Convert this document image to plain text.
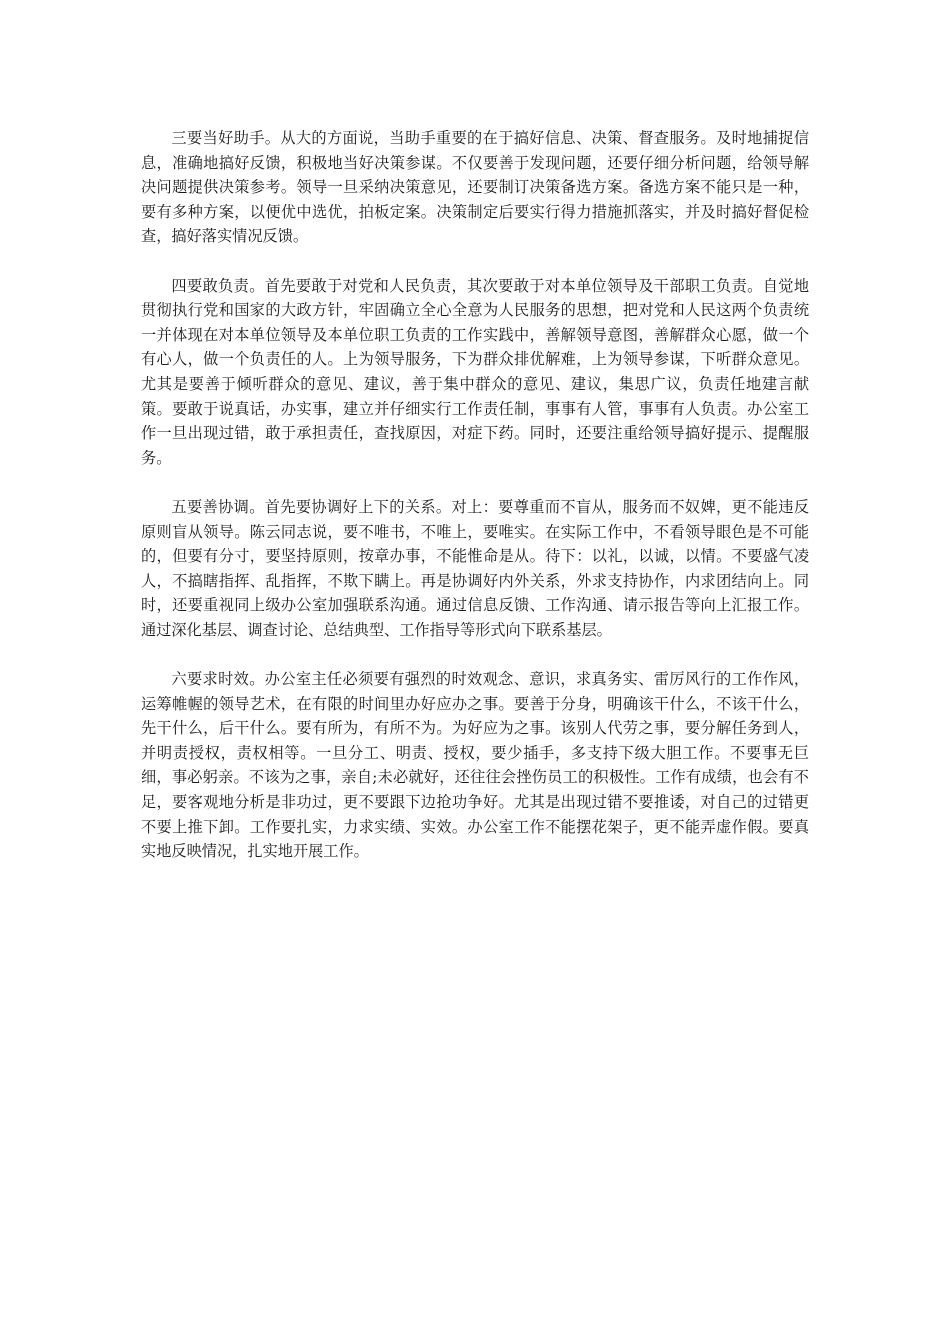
三要当好助手。从大的方面说，当助手重要的在于搞好信息、决策、督查服务。及时地捕捉信息，准确地搞好反馈，积极地当好决策参谋。不仅要善于发现问题，还要仔细分析问题，给领导解决问题提供决策参考。领导一旦采纳决策意见，还要制订决策备选方案。备选方案不能只是一种，要有多种方案，以便优中选优，拍板定案。决策制定后要实行得力措施抓落实，并及时搞好督促检查，搞好落实情况反馈。

四要敢负责。首先要敢于对党和人民负责，其次要敢于对本单位领导及干部职工负责。自觉地贯彻执行党和国家的大政方针，牢固确立全心全意为人民服务的思想，把对党和人民这两个负责统一并体现在对本单位领导及本单位职工负责的工作实践中，善解领导意图，善解群众心愿，做一个有心人，做一个负责任的人。上为领导服务，下为群众排优解难，上为领导参谋，下听群众意见。尤其是要善于倾听群众的意见、建议，善于集中群众的意见、建议，集思广议，负责任地建言献策。要敢于说真话，办实事，建立并仔细实行工作责任制，事事有人管，事事有人负责。办公室工作一旦出现过错，敢于承担责任，查找原因，对症下药。同时，还要注重给领导搞好提示、提醒服务。

五要善协调。首先要协调好上下的关系。对上：要尊重而不盲从，服务而不奴婢，更不能违反原则盲从领导。陈云同志说，要不唯书，不唯上，要唯实。在实际工作中，不看领导眼色是不可能的，但要有分寸，要坚持原则，按章办事，不能惟命是从。待下：以礼，以诚，以情。不要盛气凌人，不搞瞎指挥、乱指挥，不欺下瞒上。再是协调好内外关系，外求支持协作，内求团结向上。同时，还要重视同上级办公室加强联系沟通。通过信息反馈、工作沟通、请示报告等向上汇报工作。通过深化基层、调查讨论、总结典型、工作指导等形式向下联系基层。

六要求时效。办公室主任必须要有强烈的时效观念、意识，求真务实、雷厉风行的工作作风，运筹帷幄的领导艺术，在有限的时间里办好应办之事。要善于分身，明确该干什么，不该干什么，先干什么，后干什么。要有所为，有所不为。为好应为之事。该别人代劳之事，要分解任务到人，并明责授权，责权相等。一旦分工、明责、授权，要少插手，多支持下级大胆工作。不要事无巨细，事必躬亲。不该为之事，亲自;未必就好，还往往会挫伤员工的积极性。工作有成绩，也会有不足，要客观地分析是非功过，更不要跟下边抢功争好。尤其是出现过错不要推诿，对自己的过错更不要上推下卸。工作要扎实，力求实绩、实效。办公室工作不能摆花架子，更不能弄虚作假。要真实地反映情况，扎实地开展工作。
